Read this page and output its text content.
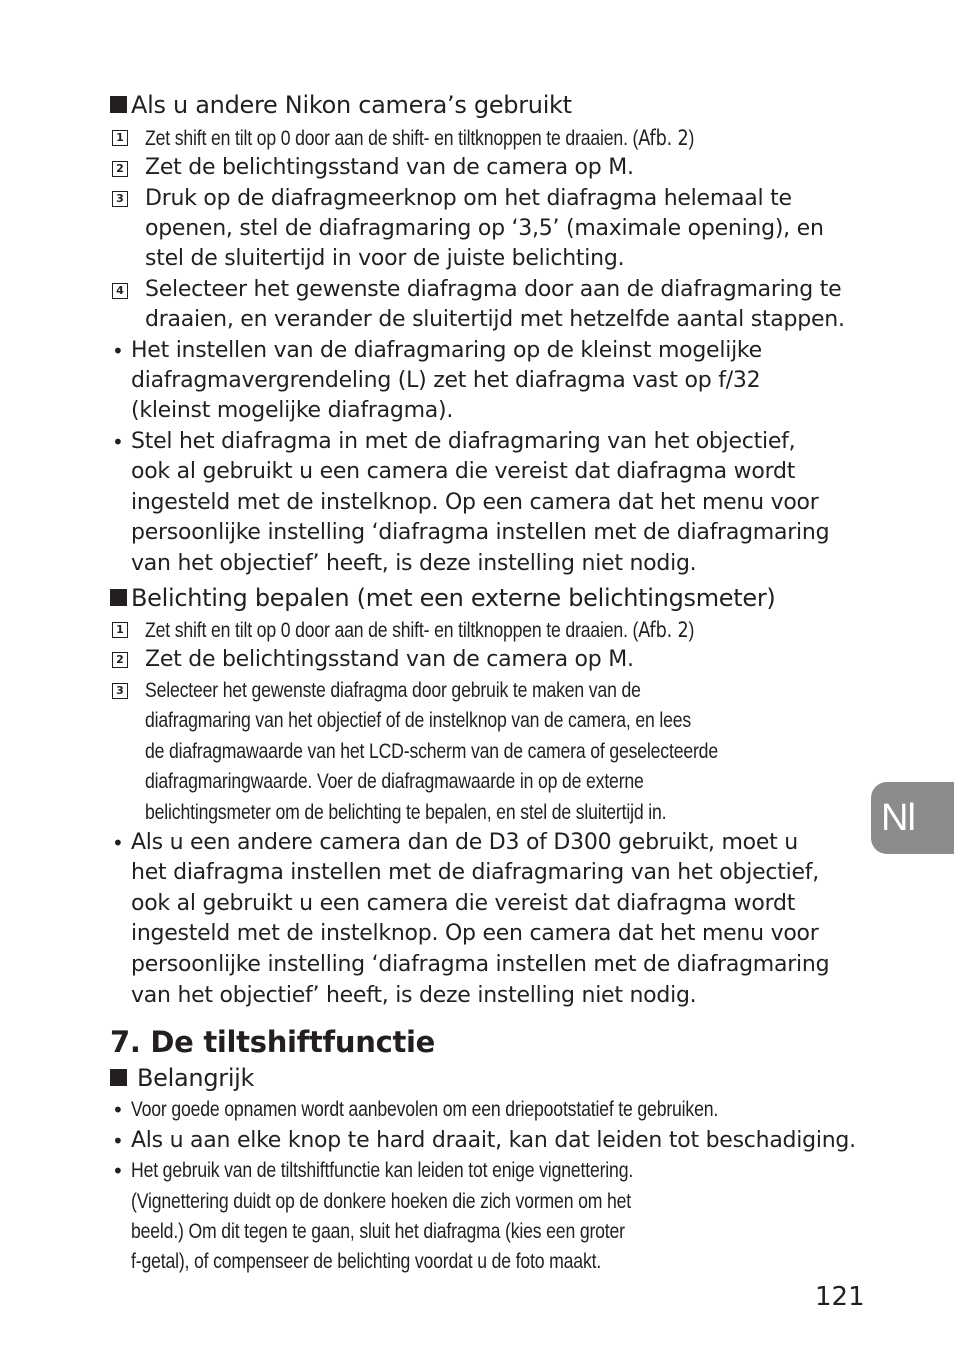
Als u andere Nikon camera’s gebruikt
1 Zet shift en tilt op 0 door aan de shift- en tiltknoppen te draaien. (Afb. 2)
2 Zet de belichtingsstand van de camera op M.
3 Druk op de diafragmeerknop om het diafragma helemaal te
openen, stel de diafragmaring op ‘3,5’ (maximale opening), en
stel de sluitertijd in voor de juiste belichting.
4 Selecteer het gewenste diafragma door aan de diafragmaring te
draaien, en verander de sluitertijd met hetzelfde aantal stappen.
• Het instellen van de diafragmaring op de kleinst mogelijke
diafragmavergrendeling (L) zet het diafragma vast op f/32
(kleinst mogelijke diafragma).
• Stel het diafragma in met de diafragmaring van het objectief,
ook al gebruikt u een camera die vereist dat diafragma wordt
ingesteld met de instelknop. Op een camera dat het menu voor
persoonlijke instelling ‘diafragma instellen met de diafragmaring
van het objectief’ heeft, is deze instelling niet nodig.
Belichting bepalen (met een externe belichtingsmeter)
1 Zet shift en tilt op 0 door aan de shift- en tiltknoppen te draaien. (Afb. 2)
2 Zet de belichtingsstand van de camera op M.
3 Selecteer het gewenste diafragma door gebruik te maken van de
diafragmaring van het objectief of de instelknop van de camera, en lees
de diafragmawaarde van het LCD-scherm van de camera of geselecteerde
diafragmaringwaarde. Voer de diafragmawaarde in op de externe
belichtingsmeter om de belichting te bepalen, en stel de sluitertijd in.
• Als u een andere camera dan de D3 of D300 gebruikt, moet u
het diafragma instellen met de diafragmaring van het objectief,
ook al gebruikt u een camera die vereist dat diafragma wordt
ingesteld met de instelknop. Op een camera dat het menu voor
persoonlijke instelling ‘diafragma instellen met de diafragmaring
van het objectief’ heeft, is deze instelling niet nodig.
7. De tiltshiftfunctie
Belangrijk
• Voor goede opnamen wordt aanbevolen om een driepootstatief te gebruiken.
• Als u aan elke knop te hard draait, kan dat leiden tot beschadiging.
• Het gebruik van de tiltshiftfunctie kan leiden tot enige vignettering.
(Vignettering duidt op de donkere hoeken die zich vormen om het
beeld.) Om dit tegen te gaan, sluit het diafragma (kies een groter
f-getal), of compenseer de belichting voordat u de foto maakt.
Nl
121
